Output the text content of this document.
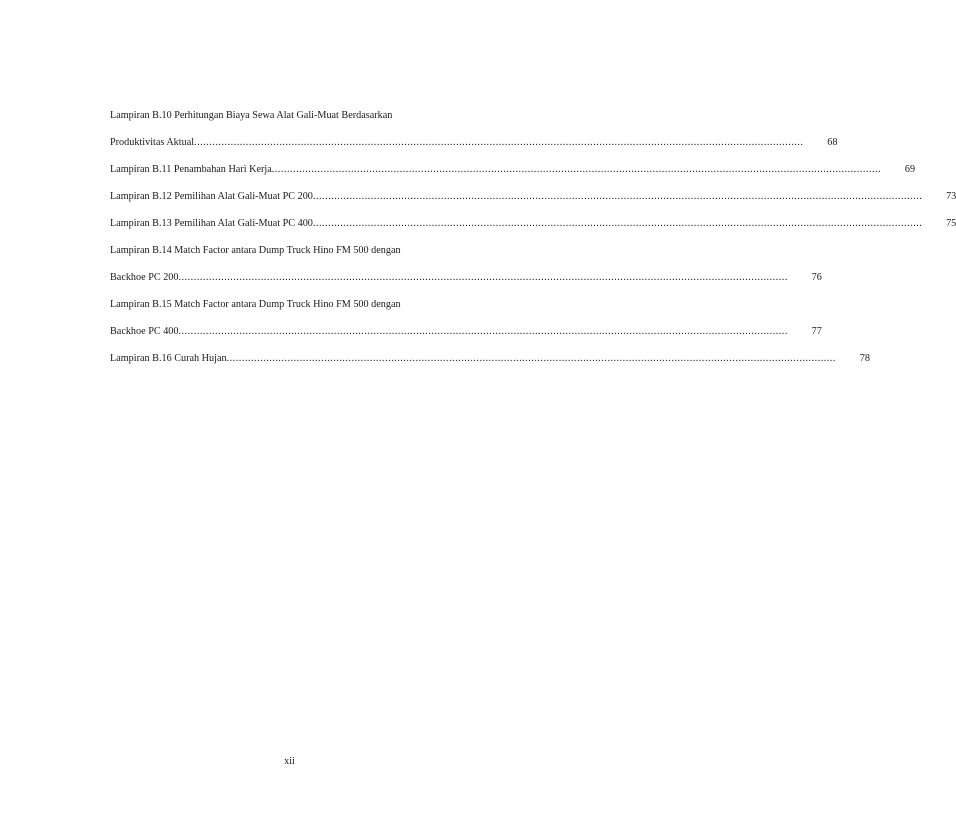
Lampiran B.10 Perhitungan Biaya Sewa Alat Gali-Muat Berdasarkan
Produktivitas Aktual ........................................................................................................................................................................................................ 68
Lampiran B.11 Penambahan Hari Kerja ........................................................................................................................................................................................................ 69
Lampiran B.12 Pemilihan Alat Gali-Muat PC 200 ........................................................................................................................................................................................................ 73
Lampiran B.13 Pemilihan Alat Gali-Muat PC 400 ........................................................................................................................................................................................................ 75
Lampiran B.14 Match Factor antara Dump Truck Hino FM 500 dengan
Backhoe PC 200 ........................................................................................................................................................................................................ 76
Lampiran B.15 Match Factor antara Dump Truck Hino FM 500 dengan
Backhoe PC 400 ........................................................................................................................................................................................................ 77
Lampiran B.16 Curah Hujan ........................................................................................................................................................................................................ 78
xii
